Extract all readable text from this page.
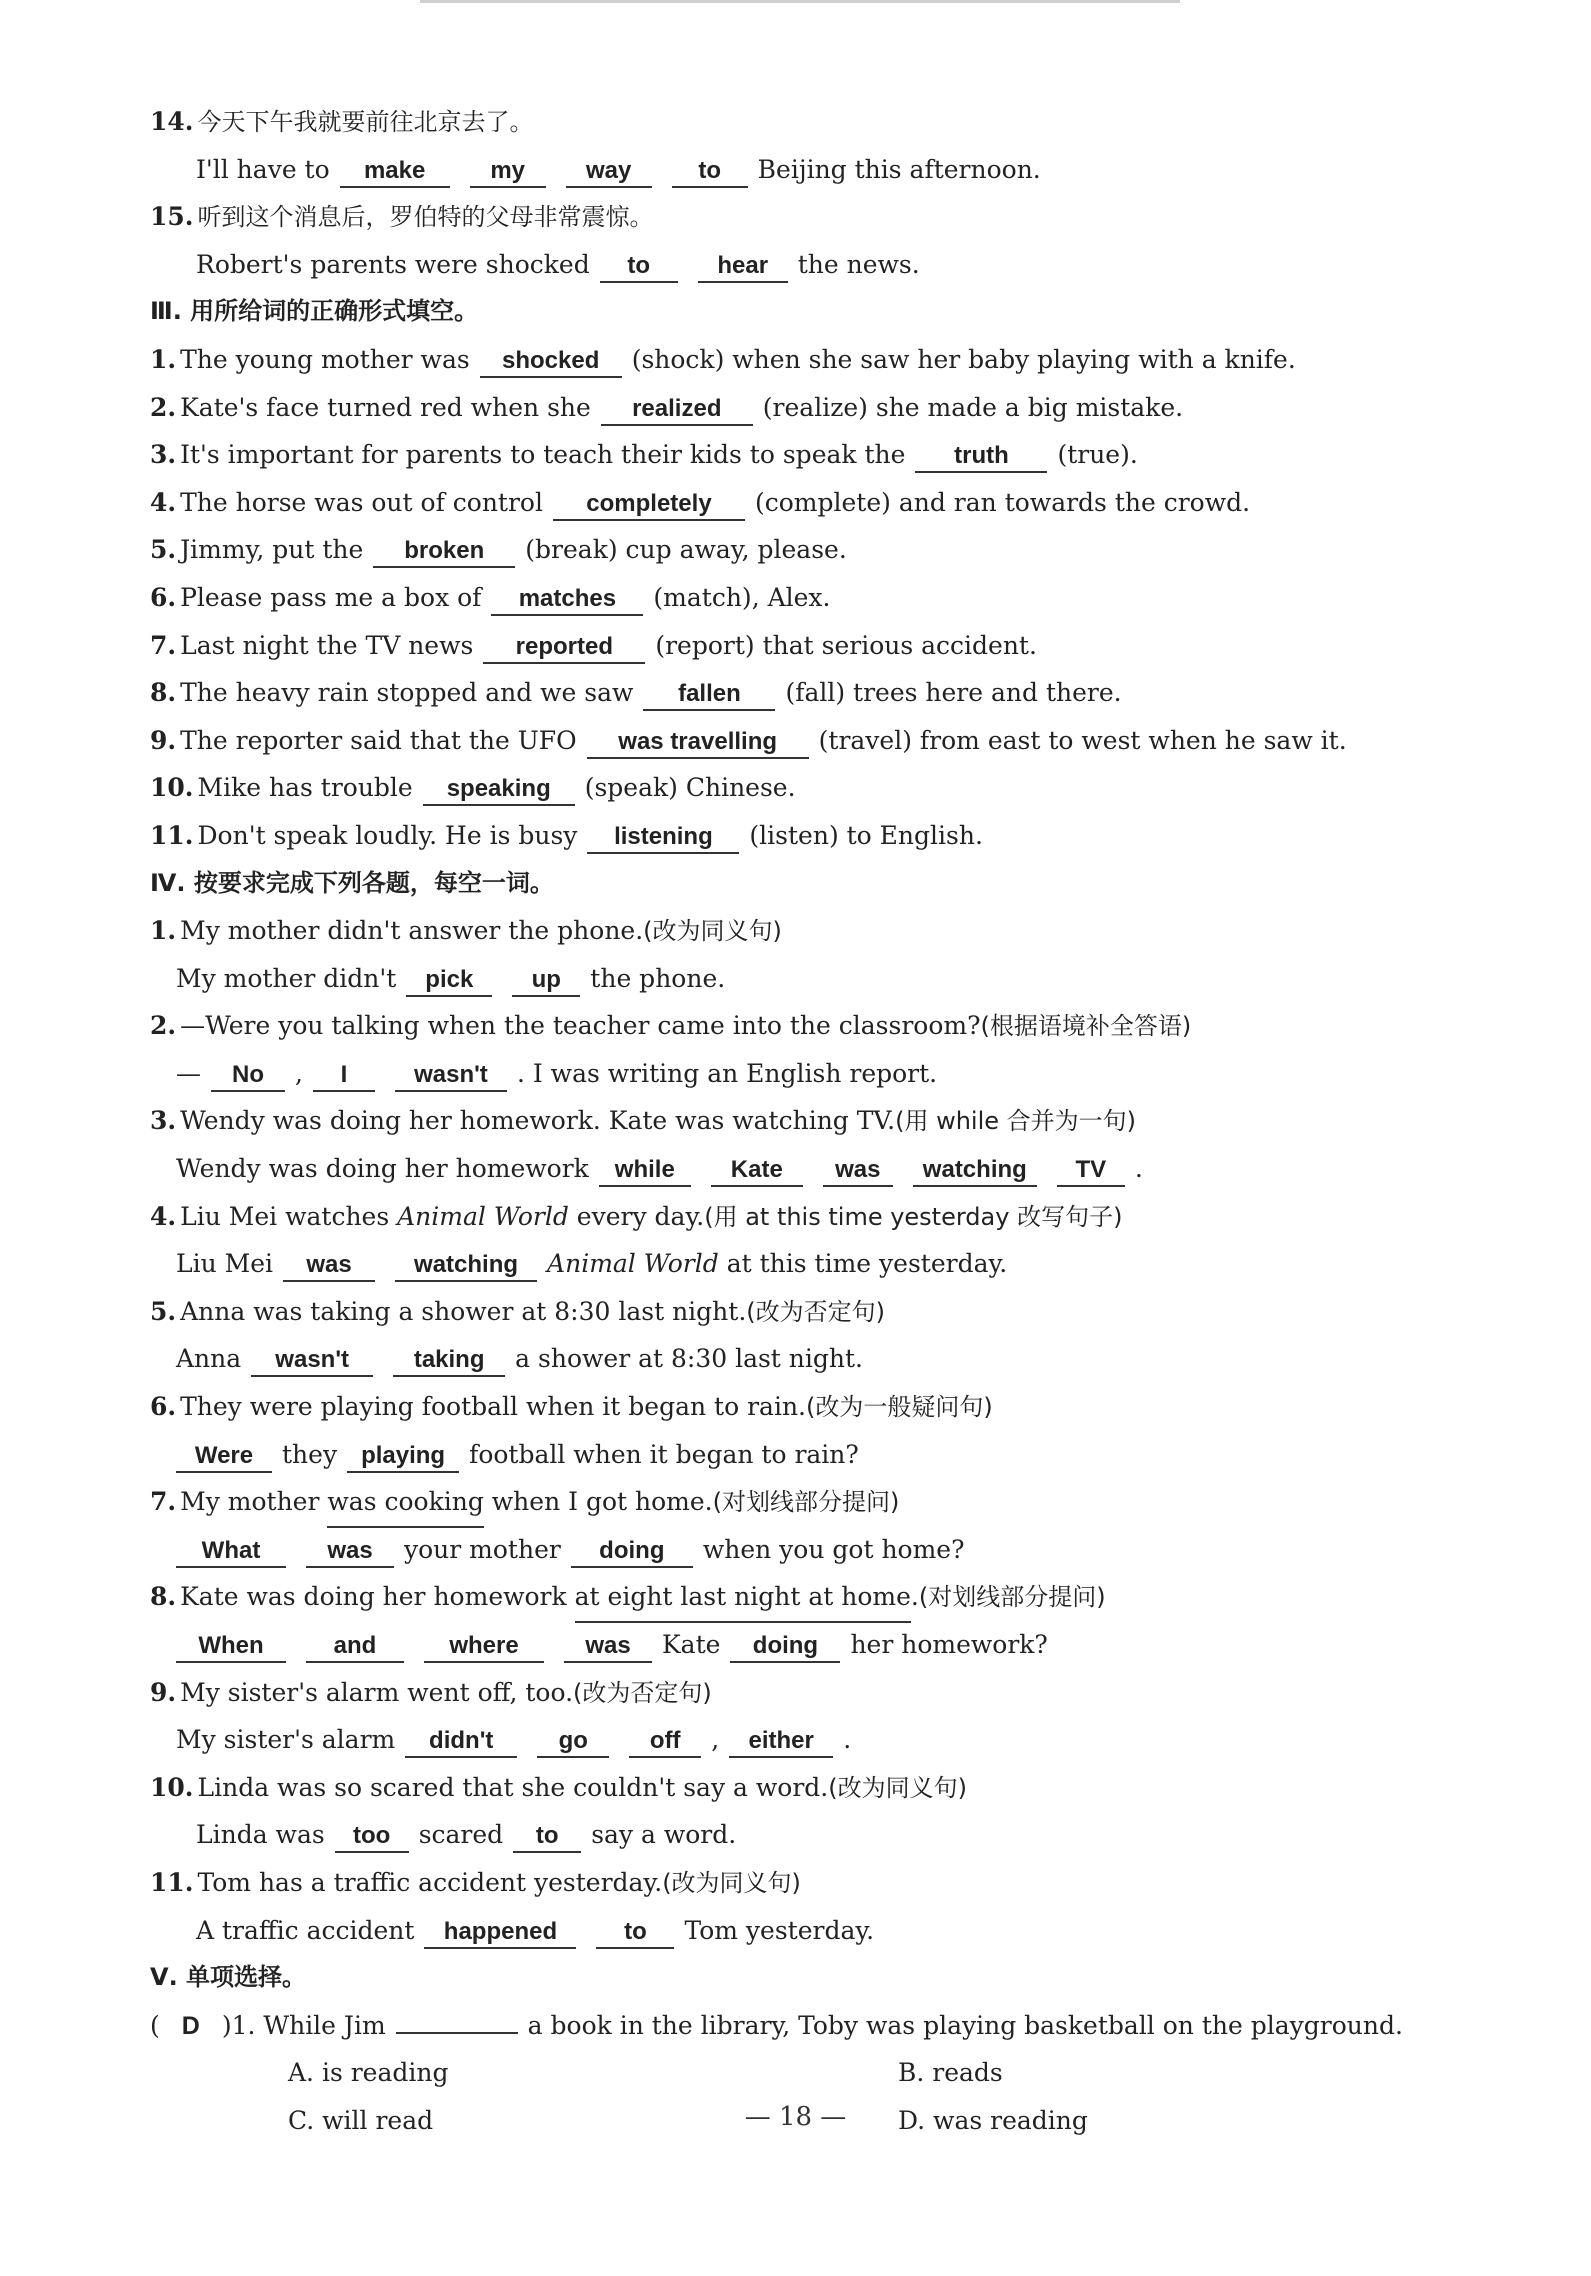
14. 今天下午我就要前往北京去了。
I'll have to	make	my	way	to	Beijing this afternoon.
15. 听到这个消息后，罗伯特的父母非常震惊。
Robert's parents were shocked	to	hear	the news.
Ⅲ. 用所给词的正确形式填空。
1. The young mother was	shocked	(shock) when she saw her baby playing with a knife.
2. Kate's face turned red when she	realized	(realize) she made a big mistake.
3. It's important for parents to teach their kids to speak the	truth	(true).
4. The horse was out of control	completely	(complete) and ran towards the crowd.
5. Jimmy, put the	broken	(break) cup away, please.
6. Please pass me a box of	matches	(match), Alex.
7. Last night the TV news	reported	(report) that serious accident.
8. The heavy rain stopped and we saw	fallen	(fall) trees here and there.
9. The reporter said that the UFO	was travelling	(travel) from east to west when he saw it.
10. Mike has trouble	speaking	(speak) Chinese.
11. Don't speak loudly. He is busy	listening	(listen) to English.
Ⅳ. 按要求完成下列各题，每空一词。
1. My mother didn't answer the phone. (改为同义句)
My mother didn't	pick	up	the phone.
2. —Were you talking when the teacher came into the classroom? (根据语境补全答语)
—	No	,	I	wasn't	. I was writing an English report.
3. Wendy was doing her homework. Kate was watching TV. (用 while 合并为一句)
Wendy was doing her homework	while	Kate	was	watching	TV	.
4. Liu Mei watches
Animal World
every day. (用 at this time yesterday 改写句子)
Liu Mei	was	watching	Animal World
at this time yesterday.
5. Anna was taking a shower at 8:30 last night. (改为否定句)
Anna	wasn't	taking	a shower at 8:30 last night.
6. They were playing football when it began to rain. (改为一般疑问句)
Were	they playing football when it began to rain?
7. My mother
was cooking
when I got home. (对划线部分提问)
What	was	your mother	doing	when you got home?
8. Kate was doing her homework
at eight last night at home . (对划线部分提问)
When	and	where	was	Kate	doing	her homework?
9. My sister's alarm went off, too. (改为否定句)
My sister's alarm	didn't	go	off	,	either	.
10. Linda was so scared that she couldn't say a word. (改为同义句)
Linda was	too	scared	to	say a word.
11. Tom has a traffic accident yesterday. (改为同义句)
A traffic accident	happened	to	Tom yesterday.
Ⅴ. 单项选择。
( D )1.
While Jim	a book in the library, Toby was playing basketball on the playground.
A. is reading	B. reads
C. will read	D. was reading
— 18 —
